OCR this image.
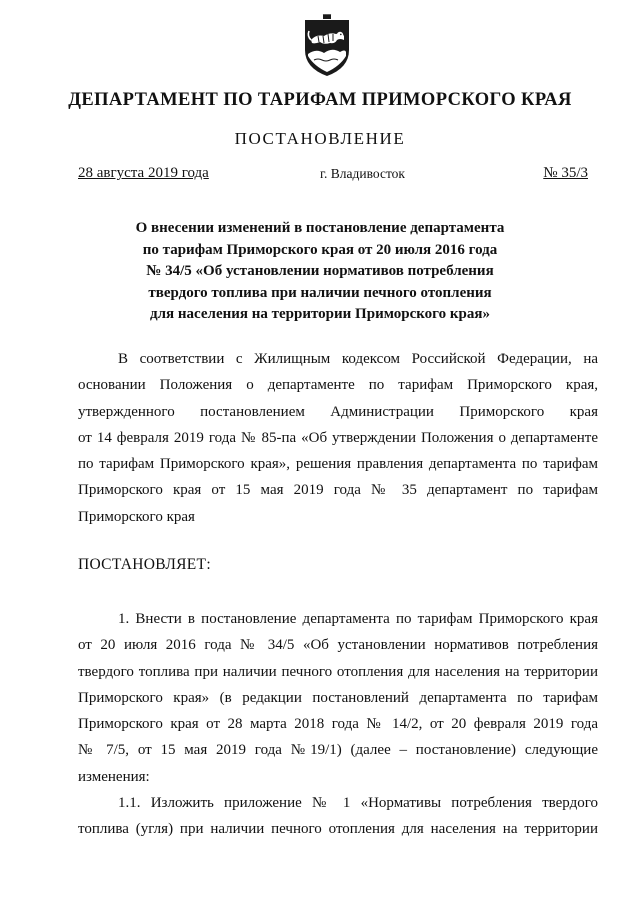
ДЕПАРТАМЕНТ ПО ТАРИФАМ ПРИМОРСКОГО КРАЯ
ПОСТАНОВЛЕНИЕ
28 августа 2019 года	г. Владивосток	№ 35/3
О внесении изменений в постановление департамента
по тарифам Приморского края от 20 июля 2016 года
№ 34/5 «Об установлении нормативов потребления
твердого топлива при наличии печного отопления
для населения на территории Приморского края»
В соответствии с Жилищным кодексом Российской Федерации, на
основании Положения о департаменте по тарифам Приморского края,
утвержденного постановлением Администрации Приморского края
от 14 февраля 2019 года № 85-па «Об утверждении Положения о департаменте
по тарифам Приморского края», решения правления департамента по тарифам
Приморского края от 15 мая 2019 года № 35 департамент по тарифам
Приморского края
ПОСТАНОВЛЯЕТ:
1. Внести в постановление департамента по тарифам Приморского края
от 20 июля 2016 года № 34/5 «Об установлении нормативов потребления
твердого топлива при наличии печного отопления для населения на территории
Приморского края» (в редакции постановлений департамента по тарифам
Приморского края от 28 марта 2018 года № 14/2, от 20 февраля 2019 года
№ 7/5, от 15 мая 2019 года №19/1) (далее – постановление) следующие
изменения:
1.1. Изложить приложение № 1 «Нормативы потребления твердого
топлива (угля) при наличии печного отопления для населения на территории
